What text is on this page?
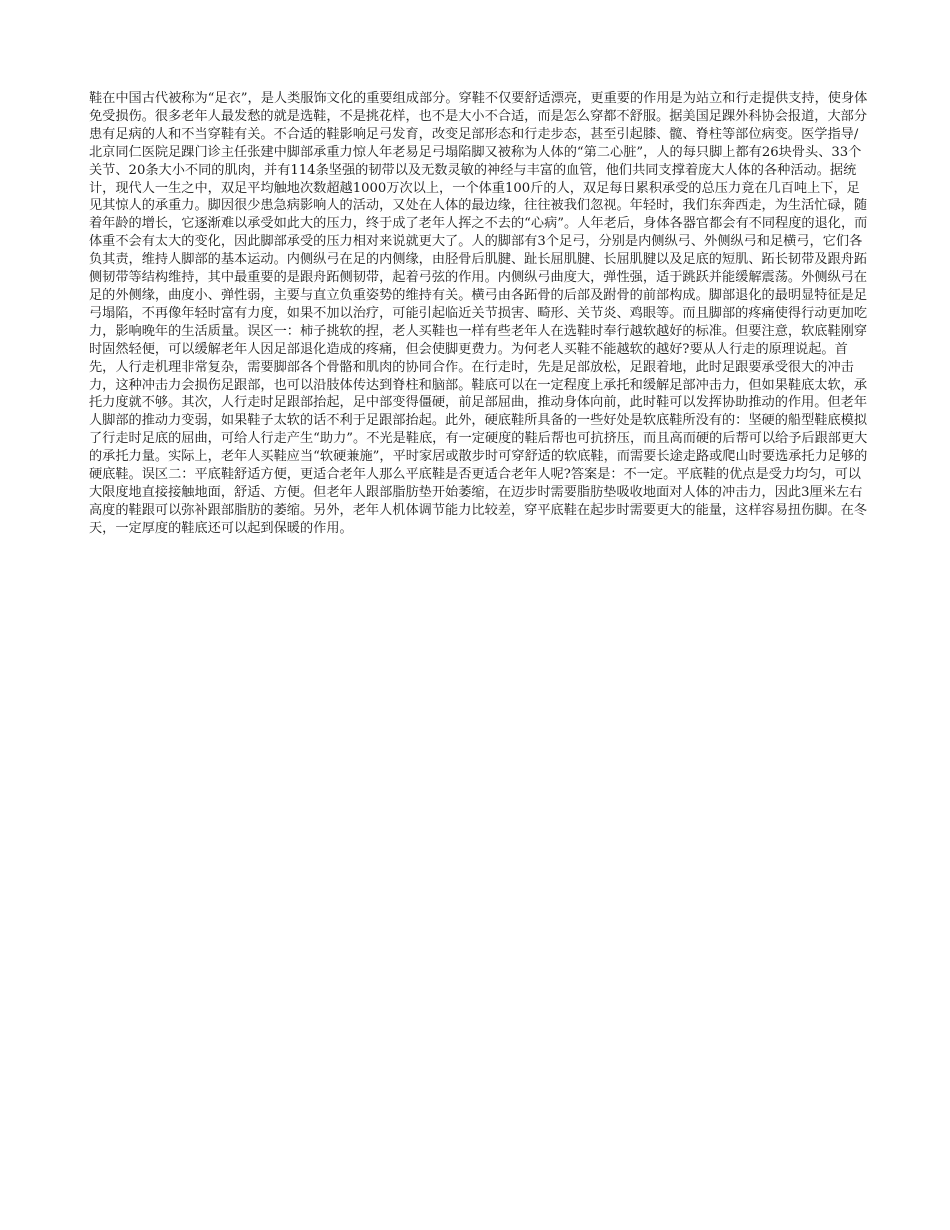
鞋在中国古代被称为“足衣”，是人类服饰文化的重要组成部分。穿鞋不仅要舒适漂亮，更重要的作用是为站立和行走提供支持，使身体免受损伤。很多老年人最发愁的就是选鞋，不是挑花样，也不是大小不合适，而是怎么穿都不舒服。据美国足踝外科协会报道，大部分患有足病的人和不当穿鞋有关。不合适的鞋影响足弓发育，改变足部形态和行走步态，甚至引起膝、髋、脊柱等部位病变。医学指导/北京同仁医院足踝门诊主任张建中脚部承重力惊人年老易足弓塌陷脚又被称为人体的“第二心脏”，人的每只脚上都有26块骨头、33个关节、20条大小不同的肌肉，并有114条坚强的韧带以及无数灵敏的神经与丰富的血管，他们共同支撑着庞大人体的各种活动。据统计，现代人一生之中，双足平均触地次数超越1000万次以上，一个体重100斤的人，双足每日累积承受的总压力竟在几百吨上下，足见其惊人的承重力。脚因很少患急病影响人的活动，又处在人体的最边缘，往往被我们忽视。年轻时，我们东奔西走，为生活忙碌，随着年龄的增长，它逐渐难以承受如此大的压力，终于成了老年人挥之不去的“心病”。人年老后，身体各器官都会有不同程度的退化，而体重不会有太大的变化，因此脚部承受的压力相对来说就更大了。人的脚部有3个足弓，分别是内侧纵弓、外侧纵弓和足横弓，它们各负其责，维持人脚部的基本运动。内侧纵弓在足的内侧缘，由胫骨后肌腱、趾长屈肌腱、长屈肌腱以及足底的短肌、跖长韧带及跟舟跖侧韧带等结构维持，其中最重要的是跟舟跖侧韧带，起着弓弦的作用。内侧纵弓曲度大，弹性强，适于跳跃并能缓解震荡。外侧纵弓在足的外侧缘，曲度小、弹性弱，主要与直立负重姿势的维持有关。横弓由各跖骨的后部及跗骨的前部构成。脚部退化的最明显特征是足弓塌陷，不再像年轻时富有力度，如果不加以治疗，可能引起临近关节损害、畸形、关节炎、鸡眼等。而且脚部的疼痛使得行动更加吃力，影响晚年的生活质量。误区一：柿子挑软的捏，老人买鞋也一样有些老年人在选鞋时奉行越软越好的标准。但要注意，软底鞋刚穿时固然轻便，可以缓解老年人因足部退化造成的疼痛，但会使脚更费力。为何老人买鞋不能越软的越好?要从人行走的原理说起。首先，人行走机理非常复杂，需要脚部各个骨骼和肌肉的协同合作。在行走时，先是足部放松，足跟着地，此时足跟要承受很大的冲击力，这种冲击力会损伤足跟部，也可以沿肢体传达到脊柱和脑部。鞋底可以在一定程度上承托和缓解足部冲击力，但如果鞋底太软，承托力度就不够。其次，人行走时足跟部抬起，足中部变得僵硬，前足部屈曲，推动身体向前，此时鞋可以发挥协助推动的作用。但老年人脚部的推动力变弱，如果鞋子太软的话不利于足跟部抬起。此外，硬底鞋所具备的一些好处是软底鞋所没有的：坚硬的船型鞋底模拟了行走时足底的屈曲，可给人行走产生“助力”。不光是鞋底，有一定硬度的鞋后帮也可抗挤压，而且高而硬的后帮可以给予后跟部更大的承托力量。实际上，老年人买鞋应当“软硬兼施”，平时家居或散步时可穿舒适的软底鞋，而需要长途走路或爬山时要选承托力足够的硬底鞋。误区二：平底鞋舒适方便，更适合老年人那么平底鞋是否更适合老年人呢?答案是：不一定。平底鞋的优点是受力均匀，可以大限度地直接接触地面，舒适、方便。但老年人跟部脂肪垫开始萎缩，在迈步时需要脂肪垫吸收地面对人体的冲击力，因此3厘米左右高度的鞋跟可以弥补跟部脂肪的萎缩。另外，老年人机体调节能力比较差，穿平底鞋在起步时需要更大的能量，这样容易扭伤脚。在冬天，一定厚度的鞋底还可以起到保暖的作用。
